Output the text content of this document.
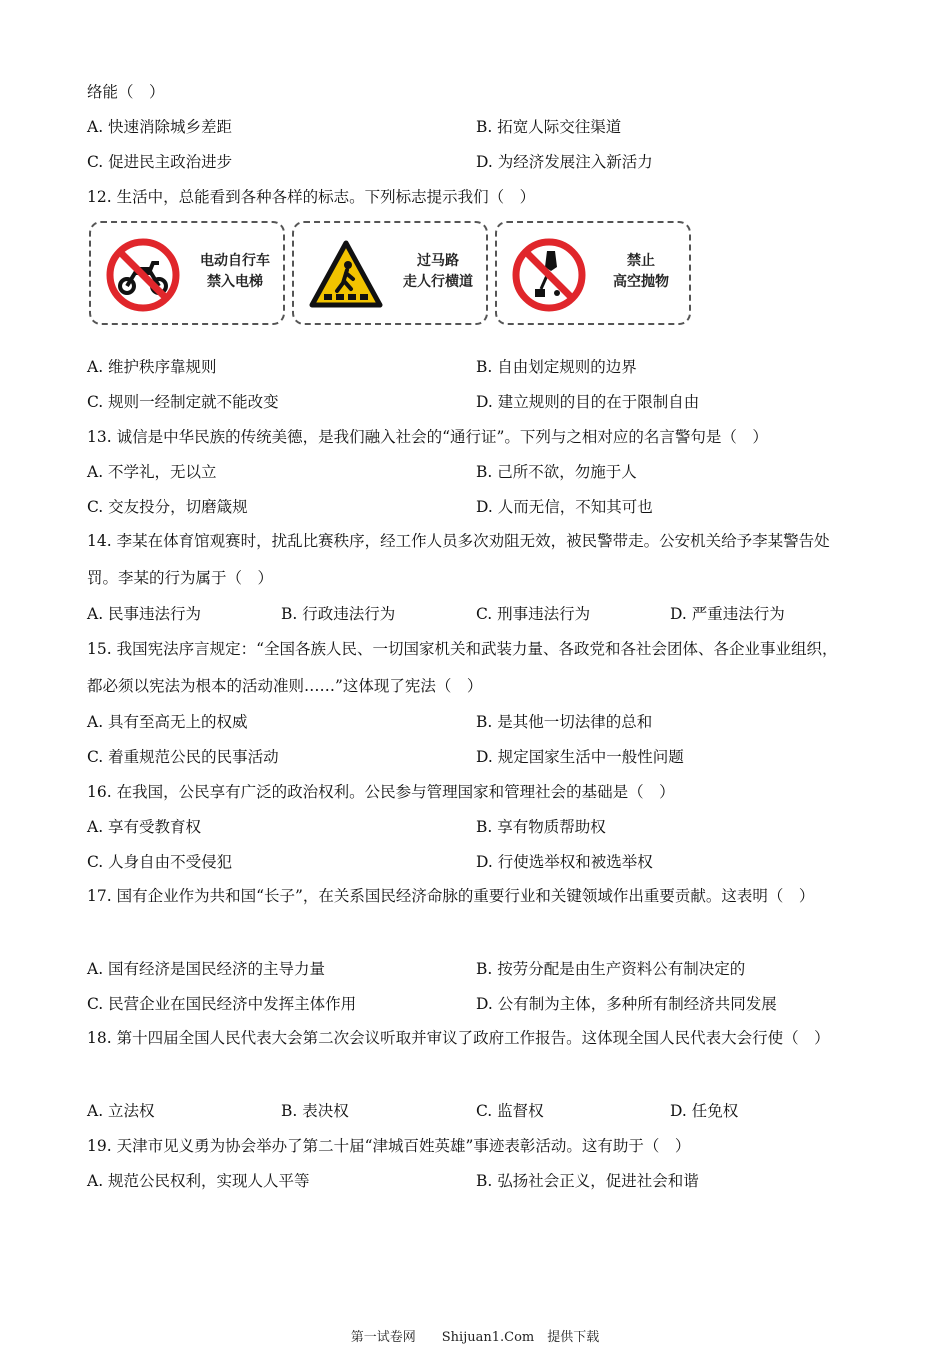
络能（　）
A. 快速消除城乡差距	B. 拓宽人际交往渠道
C. 促进民主政治进步	D. 为经济发展注入新活力
12. 生活中，总能看到各种各样的标志。下列标志提示我们（　）
电动自行车
禁入电梯
过马路
走人行横道
禁止
高空抛物
A. 维护秩序靠规则	B. 自由划定规则的边界
C. 规则一经制定就不能改变	D. 建立规则的目的在于限制自由
13. 诚信是中华民族的传统美德，是我们融入社会的“通行证”。下列与之相对应的名言警句是（　）
A. 不学礼，无以立	B. 己所不欲，勿施于人
C. 交友投分，切磨箴规	D. 人而无信，不知其可也
14. 李某在体育馆观赛时，扰乱比赛秩序，经工作人员多次劝阻无效，被民警带走。公安机关给予李某警告处罚。李某的行为属于（　）
A. 民事违法行为	B. 行政违法行为	C. 刑事违法行为	D. 严重违法行为
15. 我国宪法序言规定：“全国各族人民、一切国家机关和武装力量、各政党和各社会团体、各企业事业组织，都必须以宪法为根本的活动准则……”这体现了宪法（　）
A. 具有至高无上的权威	B. 是其他一切法律的总和
C. 着重规范公民的民事活动	D. 规定国家生活中一般性问题
16. 在我国，公民享有广泛的政治权利。公民参与管理国家和管理社会的基础是（　）
A. 享有受教育权	B. 享有物质帮助权
C. 人身自由不受侵犯	D. 行使选举权和被选举权
17. 国有企业作为共和国“长子”，在关系国民经济命脉的重要行业和关键领域作出重要贡献。这表明（　）
A. 国有经济是国民经济的主导力量	B. 按劳分配是由生产资料公有制决定的
C. 民营企业在国民经济中发挥主体作用	D. 公有制为主体，多种所有制经济共同发展
18. 第十四届全国人民代表大会第二次会议听取并审议了政府工作报告。这体现全国人民代表大会行使（　）
A. 立法权	B. 表决权	C. 监督权	D. 任免权
19. 天津市见义勇为协会举办了第二十届“津城百姓英雄”事迹表彰活动。这有助于（　）
A. 规范公民权利，实现人人平等	B. 弘扬社会正义，促进社会和谐
第一试卷网　　Shijuan1.Com　提供下载
